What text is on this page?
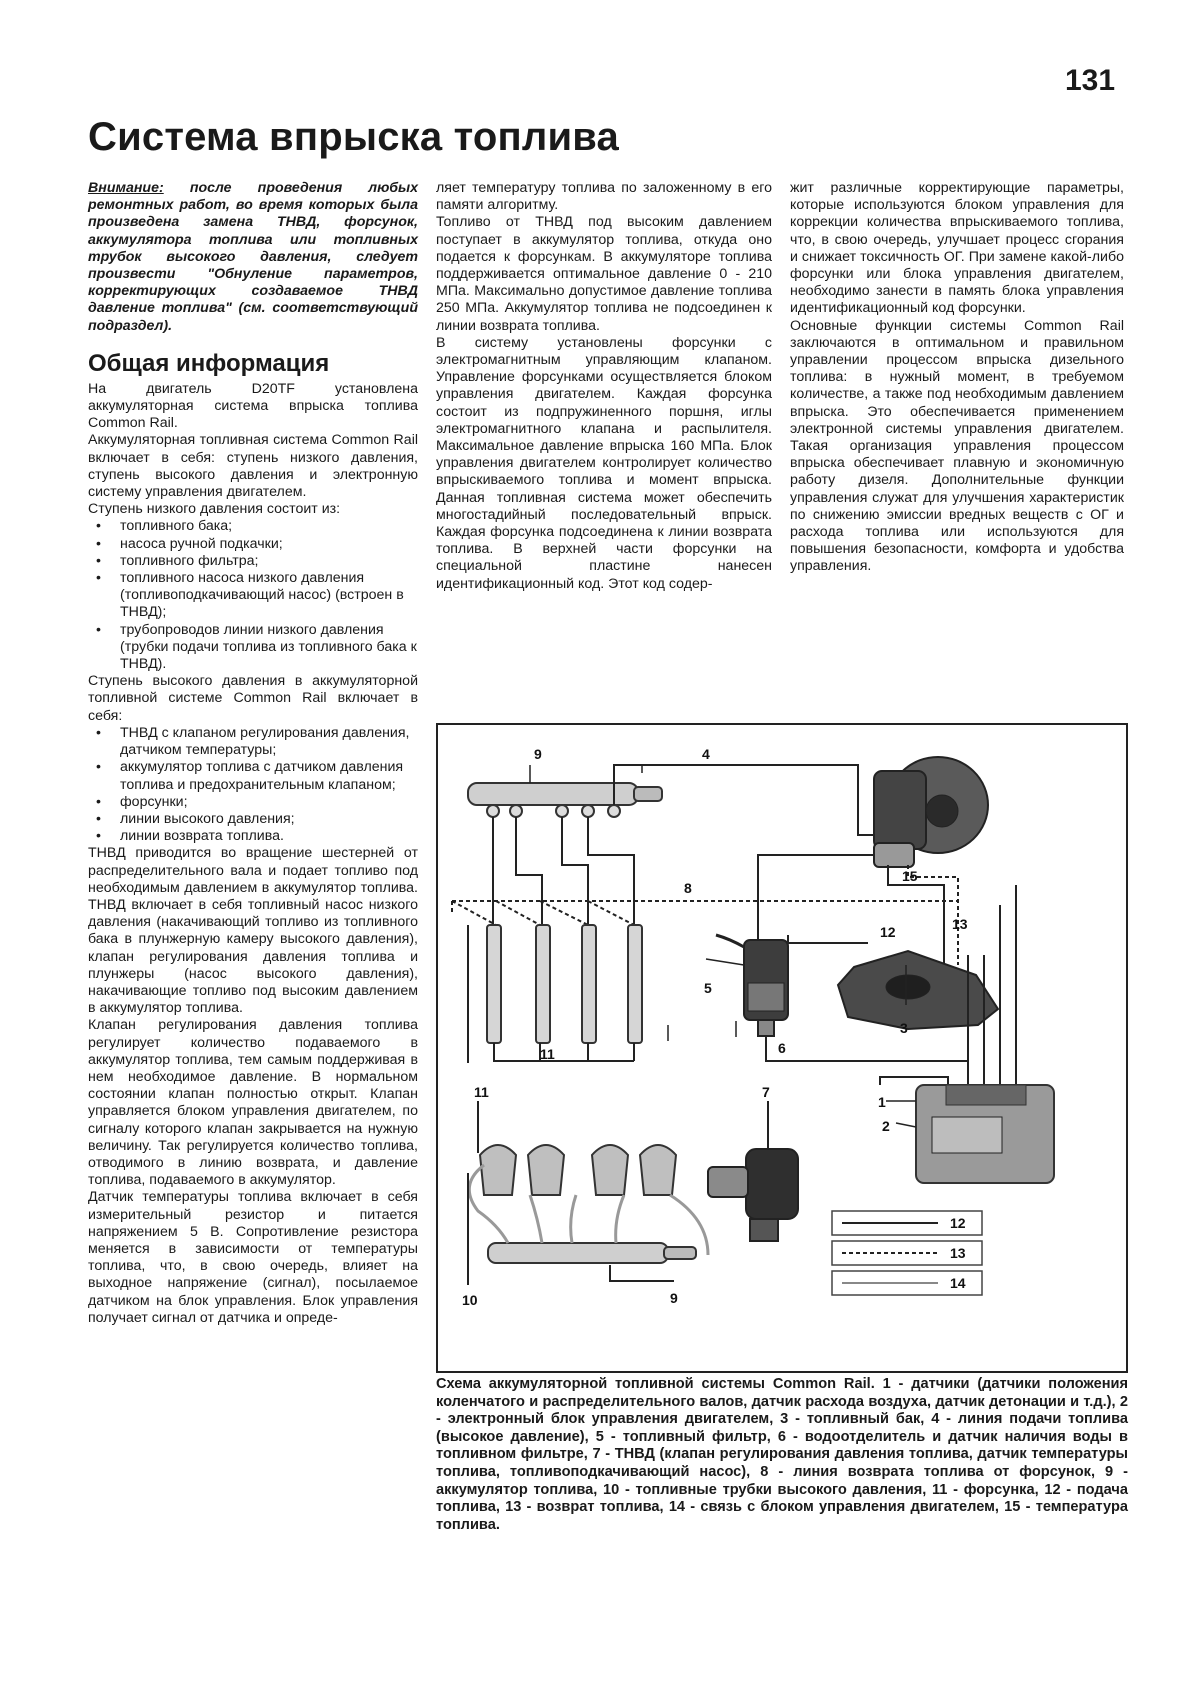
131
Система впрыска топлива

Внимание: после проведения любых ремонтных работ, во время которых была произведена замена ТНВД, форсунок, аккумулятора топлива или топливных трубок высокого давления, следует произвести "Обнуление параметров, корректирующих создаваемое ТНВД давление топлива" (см. соответствующий подраздел).

Общая информация

На двигатель D20TF установлена аккумуляторная система впрыска топлива Common Rail.

Аккумуляторная топливная система Common Rail включает в себя: ступень низкого давления, ступень высокого давления и электронную систему управления двигателем.

Ступень низкого давления состоит из:

• топливного бака;
• насоса ручной подкачки;
• топливного фильтра;
• топливного насоса низкого давления (топливоподкачивающий насос) (встроен в ТНВД);
• трубопроводов линии низкого давления (трубки подачи топлива из топливного бака к ТНВД).

Ступень высокого давления в аккумуляторной топливной системе Common Rail включает в себя:

• ТНВД с клапаном регулирования давления, датчиком температуры;
• аккумулятор топлива с датчиком давления топлива и предохранительным клапаном;
• форсунки;
• линии высокого давления;
• линии возврата топлива.

ТНВД приводится во вращение шестерней от распределительного вала и подает топливо под необходимым давлением в аккумулятор топлива. ТНВД включает в себя топливный насос низкого давления (накачивающий топливо из топливного бака в плунжерную камеру высокого давления), клапан регулирования давления топлива и плунжеры (насос высокого давления), накачивающие топливо под высоким давлением в аккумулятор топлива.

Клапан регулирования давления топлива регулирует количество подаваемого в аккумулятор топлива, тем самым поддерживая в нем необходимое давление. В нормальном состоянии клапан полностью открыт. Клапан управляется блоком управления двигателем, по сигналу которого клапан закрывается на нужную величину. Так регулируется количество топлива, отводимого в линию возврата, и давление топлива, подаваемого в аккумулятор.

Датчик температуры топлива включает в себя измерительный резистор и питается напряжением 5 В. Сопротивление резистора меняется в зависимости от температуры топлива, что, в свою очередь, влияет на выходное напряжение (сигнал), посылаемое датчиком на блок управления. Блок управления получает сигнал от датчика и опреде-

ляет температуру топлива по заложенному в его памяти алгоритму.

Топливо от ТНВД под высоким давлением поступает в аккумулятор топлива, откуда оно подается к форсункам. В аккумуляторе топлива поддерживается оптимальное давление 0 - 210 МПа. Максимально допустимое давление топлива 250 МПа. Аккумулятор топлива не подсоединен к линии возврата топлива.

В систему установлены форсунки с электромагнитным управляющим клапаном. Управление форсунками осуществляется блоком управления двигателем. Каждая форсунка состоит из подпружиненного поршня, иглы электромагнитного клапана и распылителя. Максимальное давление впрыска 160 МПа. Блок управления двигателем контролирует количество впрыскиваемого топлива и момент впрыска. Данная топливная система может обеспечить многостадийный последовательный впрыск. Каждая форсунка подсоединена к линии возврата топлива. В верхней части форсунки на специальной пластине нанесен идентификационный код. Этот код содер-

жит различные корректирующие параметры, которые используются блоком управления для коррекции количества впрыскиваемого топлива, что, в свою очередь, улучшает процесс сгорания и снижает токсичность ОГ. При замене какой-либо форсунки или блока управления двигателем, необходимо занести в память блока управления идентификационный код форсунки.

Основные функции системы Common Rail заключаются в оптимальном и правильном управлении процессом впрыска дизельного топлива: в нужный момент, в требуемом количестве, а также под необходимым давлением впрыска. Это обеспечивается применением электронной системы управления двигателем. Такая организация управления процессом впрыска обеспечивает плавную и экономичную работу дизеля. Дополнительные функции управления служат для улучшения характеристик по снижению эмиссии вредных веществ с ОГ и расхода топлива или используются для повышения безопасности, комфорта и удобства управления.

9	4
8
15
13
12
5
3
11	6
1
11	7
2
10	9
12
13
14
Схема аккумуляторной топливной системы Common Rail. 1 - датчики (датчики положения коленчатого и распределительного валов, датчик расхода воздуха, датчик детонации и т.д.), 2 - электронный блок управления двигателем, 3 - топливный бак, 4 - линия подачи топлива (высокое давление), 5 - топливный фильтр, 6 - водоотделитель и датчик наличия воды в топливном фильтре, 7 - ТНВД (клапан регулирования давления топлива, датчик температуры топлива, топливоподкачивающий насос), 8 - линия возврата топлива от форсунок, 9 - аккумулятор топлива, 10 - топливные трубки высокого давления, 11 - форсунка, 12 - подача топлива, 13 - возврат топлива, 14 - связь с блоком управления двигателем, 15 - температура топлива.
